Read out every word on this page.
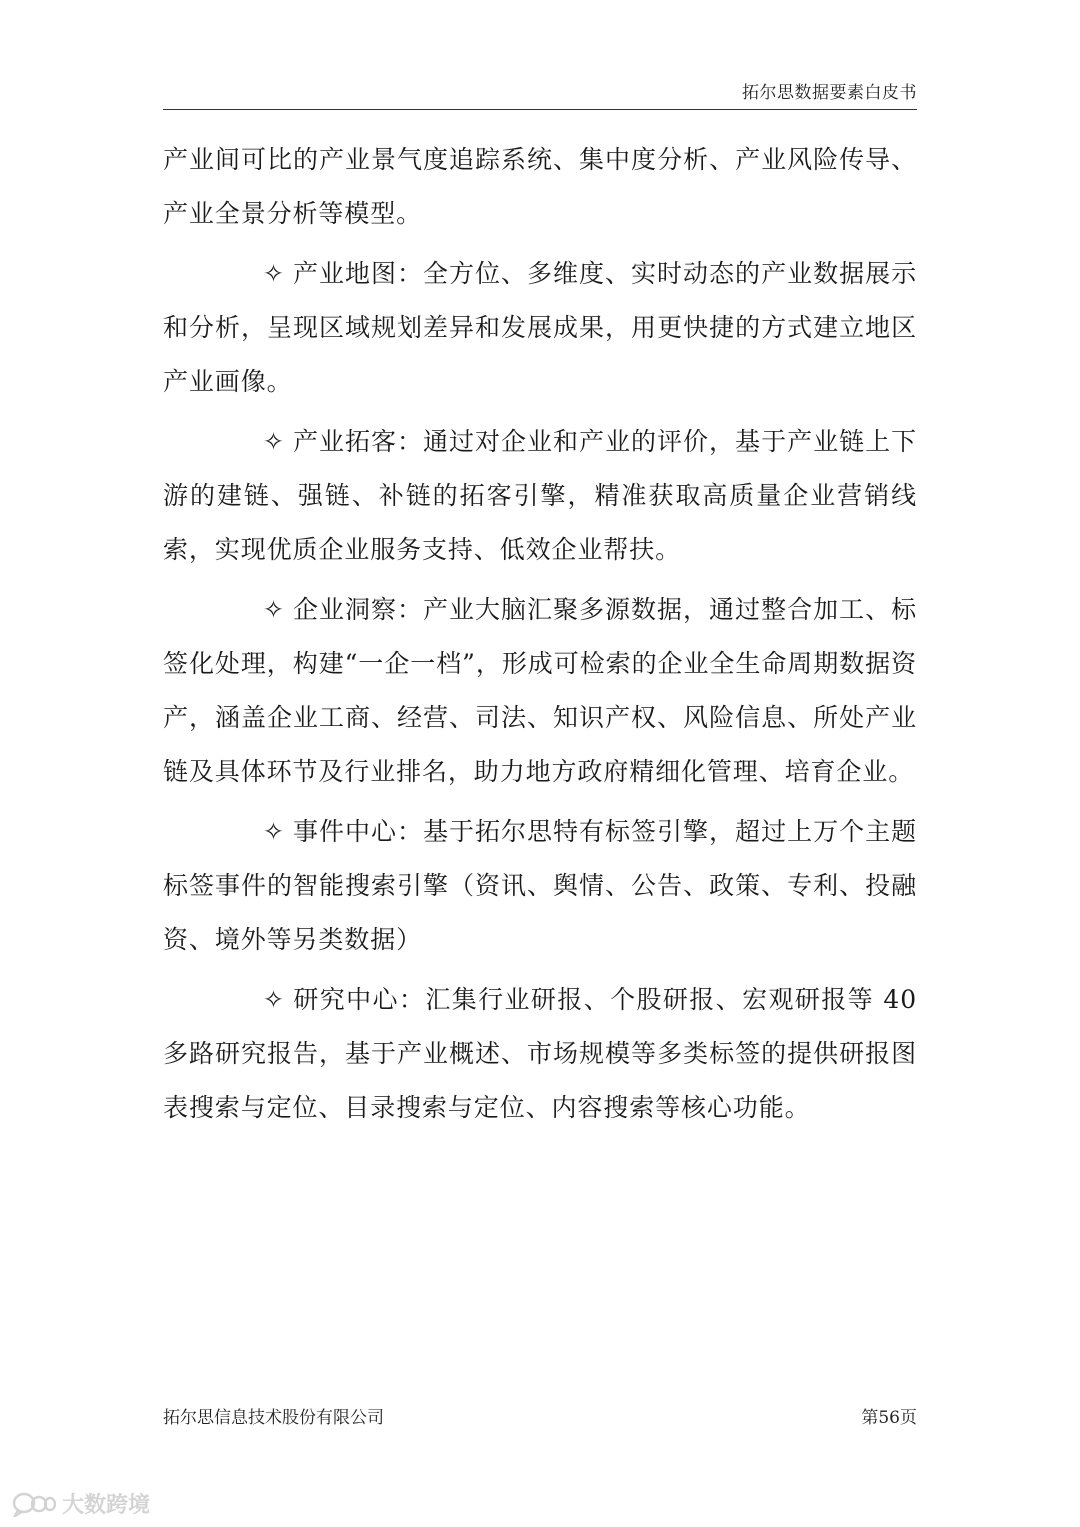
拓尔思数据要素白皮书

产业间可比的产业景气度追踪系统、集中度分析、产业风险传导、产业全景分析等模型。

✧ 产业地图：全方位、多维度、实时动态的产业数据展示和分析，呈现区域规划差异和发展成果，用更快捷的方式建立地区产业画像。

✧ 产业拓客：通过对企业和产业的评价，基于产业链上下游的建链、强链、补链的拓客引擎，精准获取高质量企业营销线索，实现优质企业服务支持、低效企业帮扶。

✧ 企业洞察：产业大脑汇聚多源数据，通过整合加工、标签化处理，构建“一企一档”，形成可检索的企业全生命周期数据资产，涵盖企业工商、经营、司法、知识产权、风险信息、所处产业链及具体环节及行业排名，助力地方政府精细化管理、培育企业。

✧ 事件中心：基于拓尔思特有标签引擎，超过上万个主题标签事件的智能搜索引擎（资讯、舆情、公告、政策、专利、投融资、境外等另类数据）

✧ 研究中心：汇集行业研报、个股研报、宏观研报等 40 多路研究报告，基于产业概述、市场规模等多类标签的提供研报图表搜索与定位、目录搜索与定位、内容搜索等核心功能。

拓尔思信息技术股份有限公司	第56页
大数跨境
